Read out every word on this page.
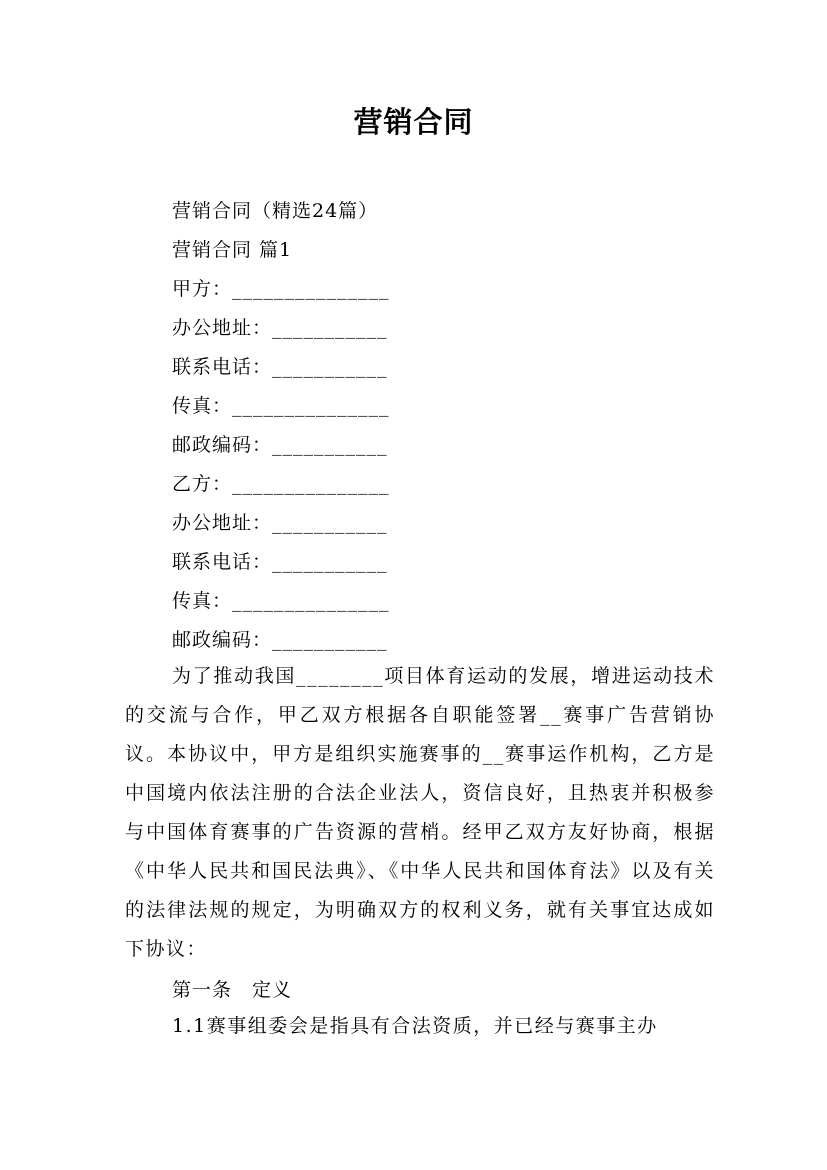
营销合同
营销合同（精选24篇）
营销合同 篇1
甲方：_______________
办公地址：___________
联系电话：___________
传真：_______________
邮政编码：___________
乙方：_______________
办公地址：___________
联系电话：___________
传真：_______________
邮政编码：___________

为了推动我国________项目体育运动的发展，增进运动技术的交流与合作，甲乙双方根据各自职能签署__赛事广告营销协议。本协议中，甲方是组织实施赛事的__赛事运作机构，乙方是中国境内依法注册的合法企业法人，资信良好，且热衷并积极参与中国体育赛事的广告资源的营梢。经甲乙双方友好协商，根据《中华人民共和国民法典》、《中华人民共和国体育法》以及有关的法律法规的规定，为明确双方的权利义务，就有关事宜达成如下协议：

第一条　定义

1.1赛事组委会是指具有合法资质，并已经与赛事主办
